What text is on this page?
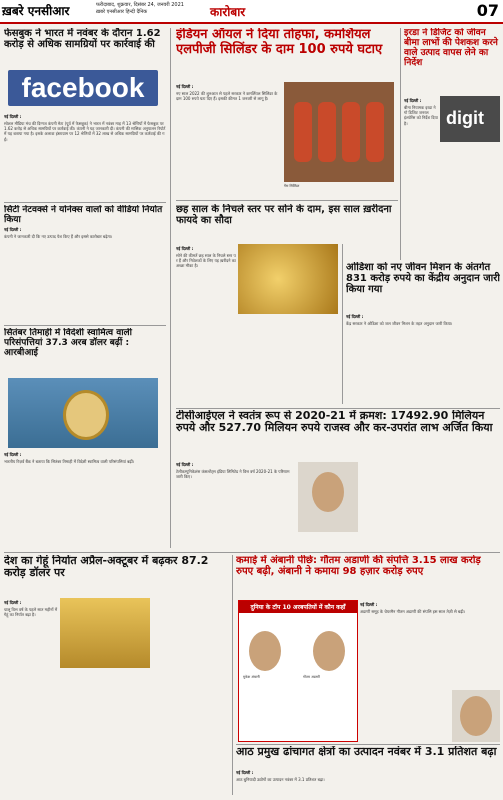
ख़बरे एनसीआर	फरीदाबाद, शुक्रवार, दिसंबर 24, जनवरी 2021
ख़बरे एनसीआर हिन्दी दैनिक	कारोबार	07
फेसबुक ने भारत में नवंबर के दौरान 1.62 करोड़ से अधिक सामग्रियों पर कार्रवाई की
facebook
नई दिल्ली :

सोशल मीडिया मंच की दिग्गज कंपनी मेटा (पूर्व में फेसबुक) ने भारत में नवंबर माह में 13 श्रेणियों में फेसबुक पर 1.62 करोड़ से अधिक सामग्रियों पर कार्रवाई की। कंपनी ने यह जानकारी दी। कंपनी की मासिक अनुपालन रिपोर्ट में यह बताया गया है। इसके अलावा इंस्टाग्राम पर 12 श्रेणियों में 32 लाख से अधिक सामग्रियों पर कार्रवाई की गई।

सिटी नेटवर्क्स ने योनेक्स वालों को वीडियो निर्यात किया
नई दिल्ली :

कंपनी ने जानकारी दी कि नए उत्पाद पेश किए हैं और इससे कारोबार बढ़ेगा।

सितंबर तिमाही में विदेशी स्वामित्व वाली परिसंपत्तियां 37.3 अरब डॉलर बढ़ीं : आरबीआई
नई दिल्ली :

भारतीय रिज़र्व बैंक ने बताया कि सितंबर तिमाही में विदेशी स्वामित्व वाली परिसंपत्तियां बढ़ीं।

इंडियन ऑयल ने दिया तोहफा, कमर्शियल एलपीजी सिलिंडर के दाम 100 रुपये घटाए
नई दिल्ली :

नए साल 2022 की शुरुआत से पहले सरकार ने कमर्शियल सिलिंडर के दाम 100 रुपये घटा दिए हैं। इसकी कीमत 1 जनवरी से लागू है।

गैस सिलिंडर
इरडा ने डिजिट को जीवन बीमा लाभों की पेशकश करने वाले उत्पाद वापस लेने का निर्देश
digit
नई दिल्ली :

बीमा नियामक इरडा ने गो डिजिट जनरल इंश्योरेंस को निर्देश दिया है।

छह साल के निचले स्तर पर सोने के दाम, इस साल ख़रीदना फायदे का सौदा
नई दिल्ली :

सोने की कीमतें छह साल के निचले स्तर पर हैं और निवेशकों के लिए यह ख़रीदने का अच्छा मौका है।	ओडिशा को नए जीवन मिशन के अंतर्गत 831 करोड़ रुपये का केंद्रीय अनुदान जारी किया गया
नई दिल्ली :

केंद्र सरकार ने ओडिशा को जल जीवन मिशन के तहत अनुदान जारी किया।

टीसीआईएल ने स्वतंत्र रूप से 2020-21 में क्रमश: 17492.90 मिलियन रुपये और 527.70 मिलियन रुपये राजस्व और कर-उपरांत लाभ अर्जित किया
नई दिल्ली :

टेलीकम्युनिकेशंस कंसल्टेंट्स इंडिया लिमिटेड ने वित्त वर्ष 2020-21 के परिणाम जारी किए।

देश का गेहूं निर्यात अप्रैल-अक्टूबर में बढ़कर 87.2 करोड़ डॉलर पर
नई दिल्ली :

चालू वित्त वर्ष के पहले सात महीनों में गेहूं का निर्यात बढ़ा है।

कमाई में अंबानी पीछे: गौतम अडाणी की संपत्ति 3.15 लाख करोड़ रुपए बढ़ी, अंबानी ने कमाया 98 हज़ार करोड़ रुपए
दुनिया के टॉप 10 अरबपतियों में कौन कहाँ
मुकेश अंबानी	गौतम अडाणी
नई दिल्ली :

अडाणी समूह के चेयरमैन गौतम अडाणी की संपत्ति इस साल तेज़ी से बढ़ी।

आठ प्रमुख ढांचागत क्षेत्रों का उत्पादन नवंबर में 3.1 प्रतिशत बढ़ा
नई दिल्ली :

आठ बुनियादी उद्योगों का उत्पादन नवंबर में 3.1 प्रतिशत बढ़ा।
